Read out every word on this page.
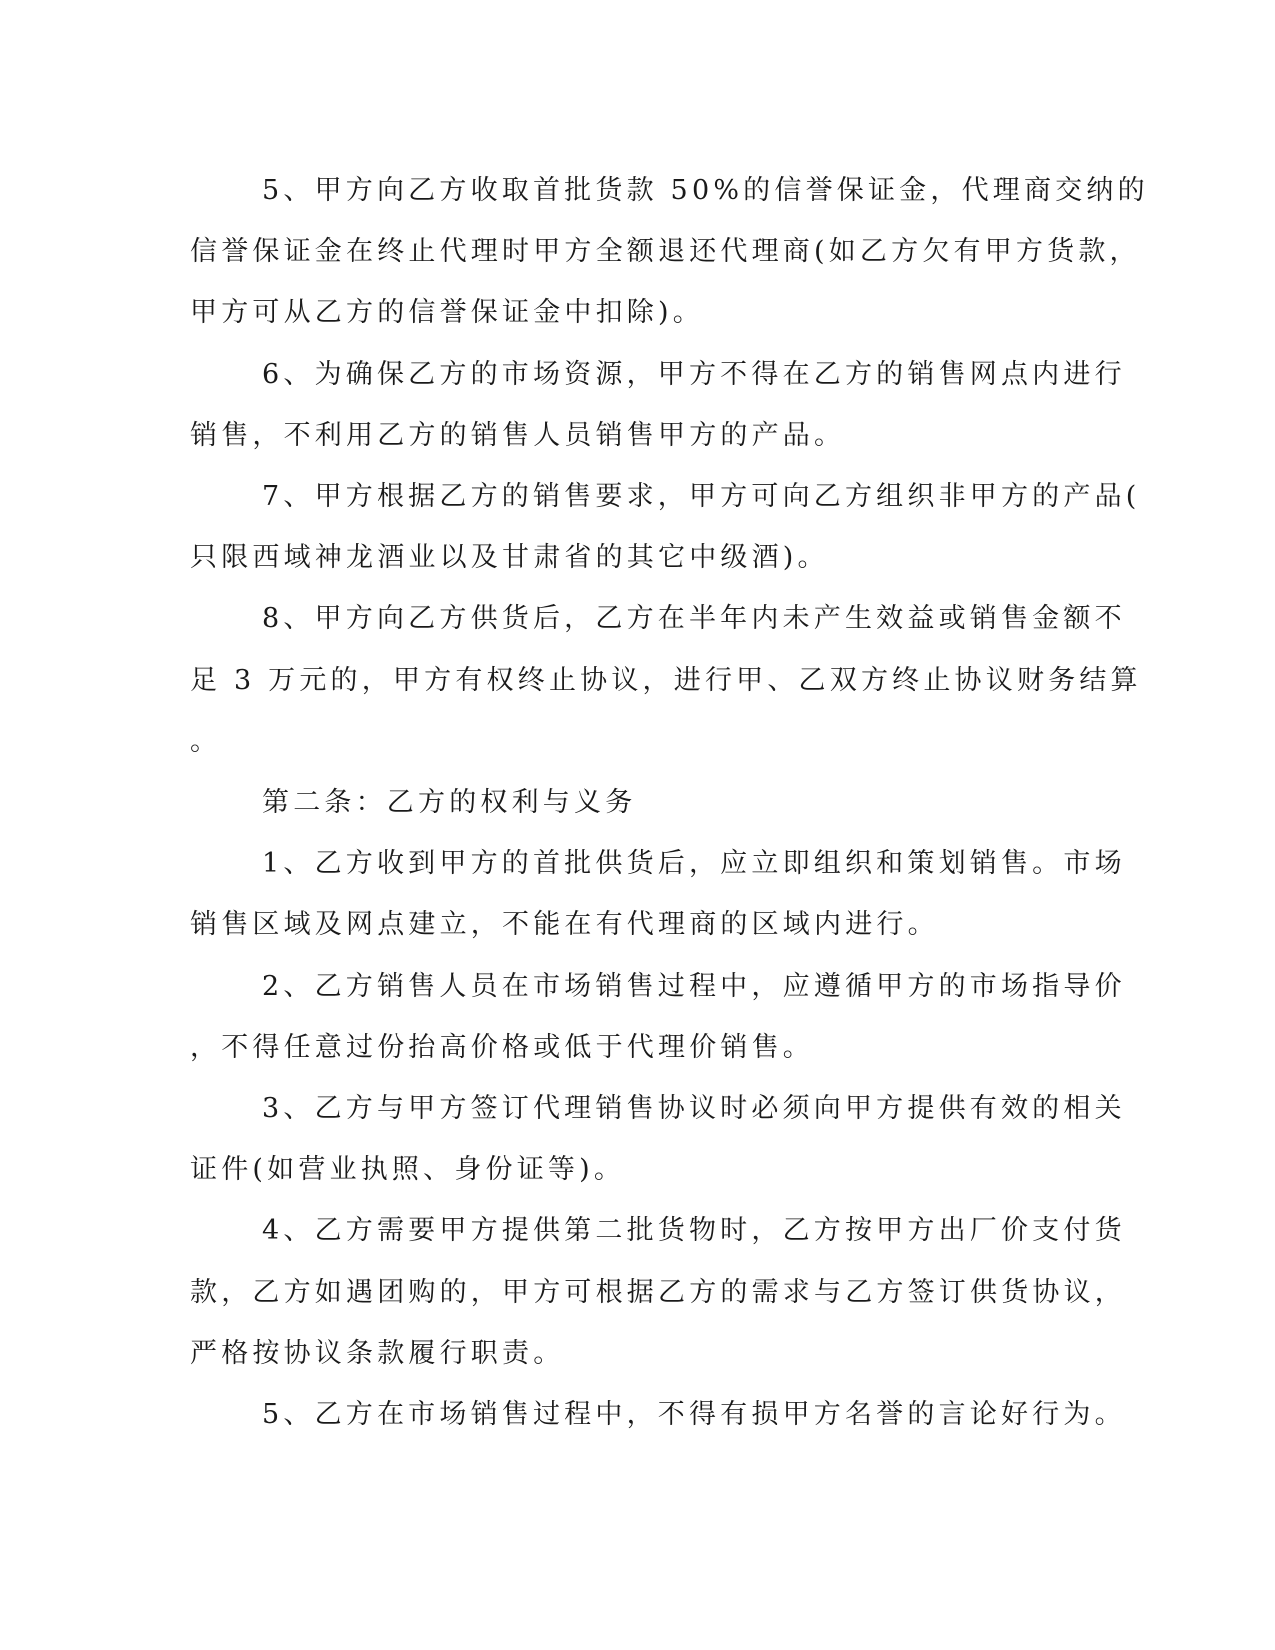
5、甲方向乙方收取首批货款 50%的信誉保证金，代理商交纳的
信誉保证金在终止代理时甲方全额退还代理商(如乙方欠有甲方货款，
甲方可从乙方的信誉保证金中扣除)。

6、为确保乙方的市场资源，甲方不得在乙方的销售网点内进行
销售，不利用乙方的销售人员销售甲方的产品。

7、甲方根据乙方的销售要求，甲方可向乙方组织非甲方的产品(
只限西域神龙酒业以及甘肃省的其它中级酒)。

8、甲方向乙方供货后，乙方在半年内未产生效益或销售金额不
足 3 万元的，甲方有权终止协议，进行甲、乙双方终止协议财务结算
。

第二条：乙方的权利与义务

1、乙方收到甲方的首批供货后，应立即组织和策划销售。市场
销售区域及网点建立，不能在有代理商的区域内进行。

2、乙方销售人员在市场销售过程中，应遵循甲方的市场指导价
，不得任意过份抬高价格或低于代理价销售。

3、乙方与甲方签订代理销售协议时必须向甲方提供有效的相关
证件(如营业执照、身份证等)。

4、乙方需要甲方提供第二批货物时，乙方按甲方出厂价支付货
款，乙方如遇团购的，甲方可根据乙方的需求与乙方签订供货协议，
严格按协议条款履行职责。

5、乙方在市场销售过程中，不得有损甲方名誉的言论好行为。
